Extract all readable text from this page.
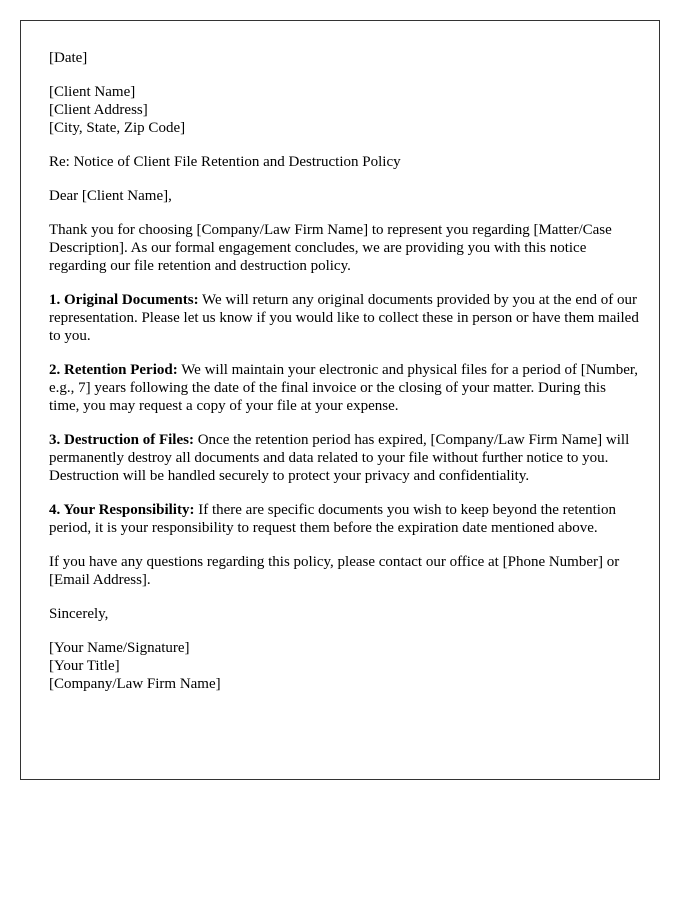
[Date]

[Client Name]
[Client Address]
[City, State, Zip Code]

Re: Notice of Client File Retention and Destruction Policy

Dear [Client Name],

Thank you for choosing [Company/Law Firm Name] to represent you regarding [Matter/Case Description]. As our formal engagement concludes, we are providing you with this notice regarding our file retention and destruction policy.

1. Original Documents: We will return any original documents provided by you at the end of our representation. Please let us know if you would like to collect these in person or have them mailed to you.

2. Retention Period: We will maintain your electronic and physical files for a period of [Number, e.g., 7] years following the date of the final invoice or the closing of your matter. During this time, you may request a copy of your file at your expense.

3. Destruction of Files: Once the retention period has expired, [Company/Law Firm Name] will permanently destroy all documents and data related to your file without further notice to you. Destruction will be handled securely to protect your privacy and confidentiality.

4. Your Responsibility: If there are specific documents you wish to keep beyond the retention period, it is your responsibility to request them before the expiration date mentioned above.

If you have any questions regarding this policy, please contact our office at [Phone Number] or [Email Address].

Sincerely,

[Your Name/Signature]
[Your Title]
[Company/Law Firm Name]
